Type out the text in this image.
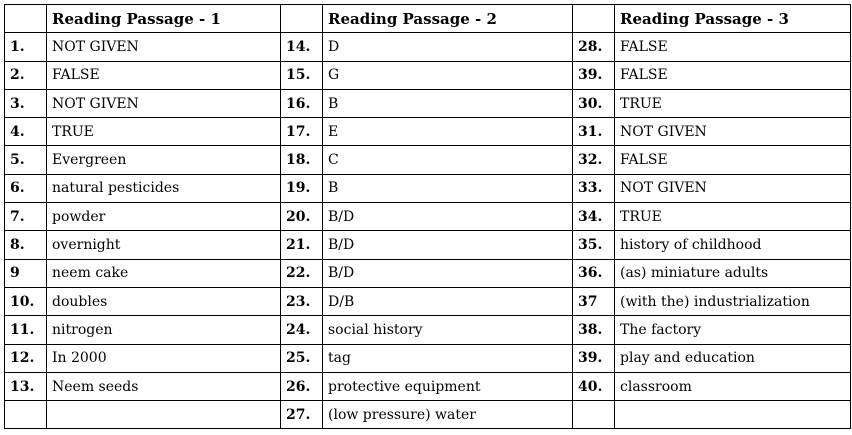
	Reading Passage - 1		Reading Passage - 2		Reading Passage - 3
1.	NOT GIVEN	14.	D	28.	FALSE
2.	FALSE	15.	G	39.	FALSE
3.	NOT GIVEN	16.	B	30.	TRUE
4.	TRUE	17.	E	31.	NOT GIVEN
5.	Evergreen	18.	C	32.	FALSE
6.	natural pesticides	19.	B	33.	NOT GIVEN
7.	powder	20.	B/D	34.	TRUE
8.	overnight	21.	B/D	35.	history of childhood
9	neem cake	22.	B/D	36.	(as) miniature adults
10.	doubles	23.	D/B	37	(with the) industrialization
11.	nitrogen	24.	social history	38.	The factory
12.	In 2000	25.	tag	39.	play and education
13.	Neem seeds	26.	protective equipment	40.	classroom
		27.	(low pressure) water		
